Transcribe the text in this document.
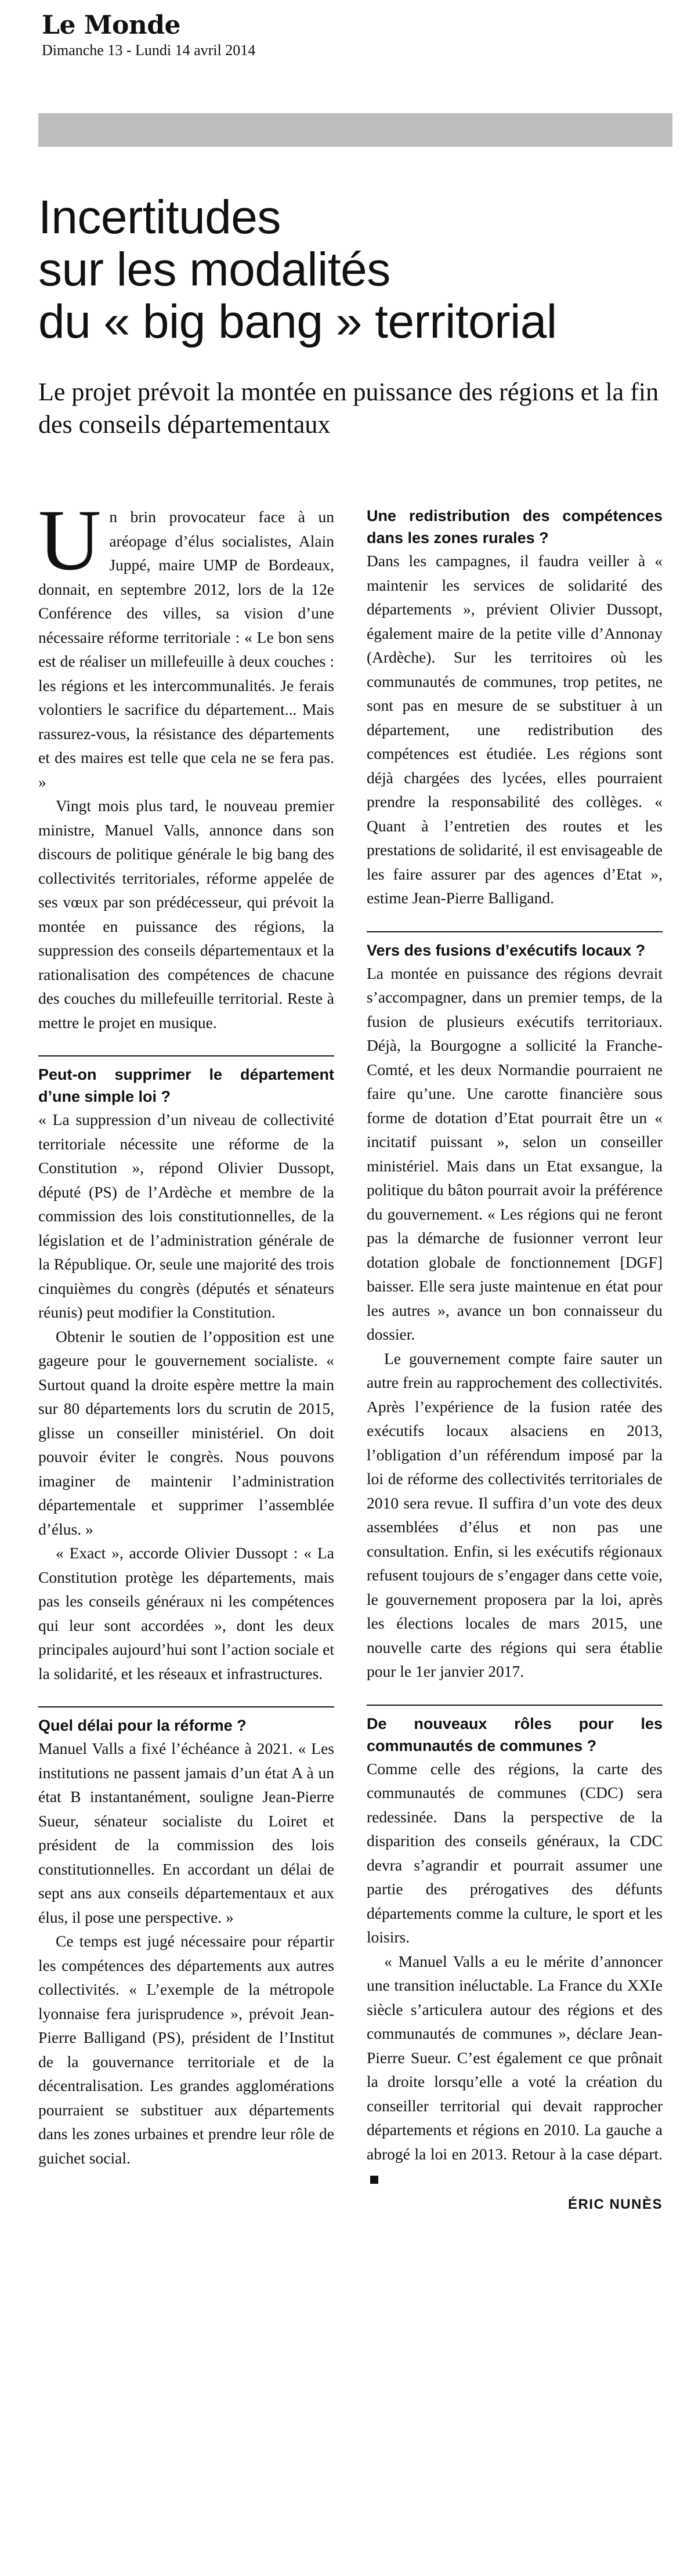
Le Monde
Dimanche 13 - Lundi 14 avril 2014
Incertitudes
sur les modalités
du « big bang » territorial
Le projet prévoit la montée en puissance des régions et la fin des conseils départementaux

Un brin provocateur face à un aréopage d’élus socialistes, Alain Juppé, maire UMP de Bordeaux, donnait, en septembre 2012, lors de la 12e Conférence des villes, sa vision d’une nécessaire réforme territoriale : « Le bon sens est de réaliser un millefeuille à deux couches : les régions et les intercommunalités. Je ferais volontiers le sacrifice du département... Mais rassurez-vous, la résistance des départements et des maires est telle que cela ne se fera pas. »

Vingt mois plus tard, le nouveau premier ministre, Manuel Valls, annonce dans son discours de politique générale le big bang des collectivités territoriales, réforme appelée de ses vœux par son prédécesseur, qui prévoit la montée en puissance des régions, la suppression des conseils départementaux et la rationalisation des compétences de chacune des couches du millefeuille territorial. Reste à mettre le projet en musique.

Peut-on supprimer le département d’une simple loi ?

« La suppression d’un niveau de collectivité territoriale nécessite une réforme de la Constitution », répond Olivier Dussopt, député (PS) de l’Ardèche et membre de la commission des lois constitutionnelles, de la législation et de l’administration générale de la République. Or, seule une majorité des trois cinquièmes du congrès (députés et sénateurs réunis) peut modifier la Constitution.

Obtenir le soutien de l’opposition est une gageure pour le gouvernement socialiste. « Surtout quand la droite espère mettre la main sur 80 départements lors du scrutin de 2015, glisse un conseiller ministériel. On doit pouvoir éviter le congrès. Nous pouvons imaginer de maintenir l’administration départementale et supprimer l’assemblée d’élus. »

« Exact », accorde Olivier Dussopt : « La Constitution protège les départements, mais pas les conseils généraux ni les compétences qui leur sont accordées », dont les deux principales aujourd’hui sont l’action sociale et la solidarité, et les réseaux et infrastructures.

Quel délai pour la réforme ?

Manuel Valls a fixé l’échéance à 2021. « Les institutions ne passent jamais d’un état A à un état B instantanément, souligne Jean-Pierre Sueur, sénateur socialiste du Loiret et président de la commission des lois constitutionnelles. En accordant un délai de sept ans aux conseils départementaux et aux élus, il pose une perspective. »

Ce temps est jugé nécessaire pour répartir les compétences des départements aux autres collectivités. « L’exemple de la métropole lyonnaise fera jurisprudence », prévoit Jean-Pierre Balligand (PS), président de l’Institut de la gouvernance territoriale et de la décentralisation. Les grandes agglomérations pourraient se substituer aux départements dans les zones urbaines et prendre leur rôle de guichet social.

Une redistribution des compétences dans les zones rurales ?

Dans les campagnes, il faudra veiller à « maintenir les services de solidarité des départements », prévient Olivier Dussopt, également maire de la petite ville d’Annonay (Ardèche). Sur les territoires où les communautés de communes, trop petites, ne sont pas en mesure de se substituer à un département, une redistribution des compétences est étudiée. Les régions sont déjà chargées des lycées, elles pourraient prendre la responsabilité des collèges. « Quant à l’entretien des routes et les prestations de solidarité, il est envisageable de les faire assurer par des agences d’Etat », estime Jean-Pierre Balligand.

Vers des fusions d’exécutifs locaux ?

La montée en puissance des régions devrait s’accompagner, dans un premier temps, de la fusion de plusieurs exécutifs territoriaux. Déjà, la Bourgogne a sollicité la Franche-Comté, et les deux Normandie pourraient ne faire qu’une. Une carotte financière sous forme de dotation d’Etat pourrait être un « incitatif puissant », selon un conseiller ministériel. Mais dans un Etat exsangue, la politique du bâton pourrait avoir la préférence du gouvernement. « Les régions qui ne feront pas la démarche de fusionner verront leur dotation globale de fonctionnement [DGF] baisser. Elle sera juste maintenue en état pour les autres », avance un bon connaisseur du dossier.

Le gouvernement compte faire sauter un autre frein au rapprochement des collectivités. Après l’expérience de la fusion ratée des exécutifs locaux alsaciens en 2013, l’obligation d’un référendum imposé par la loi de réforme des collectivités territoriales de 2010 sera revue. Il suffira d’un vote des deux assemblées d’élus et non pas une consultation. Enfin, si les exécutifs régionaux refusent toujours de s’engager dans cette voie, le gouvernement proposera par la loi, après les élections locales de mars 2015, une nouvelle carte des régions qui sera établie pour le 1er janvier 2017.

De nouveaux rôles pour les communautés de communes ?

Comme celle des régions, la carte des communautés de communes (CDC) sera redessinée. Dans la perspective de la disparition des conseils généraux, la CDC devra s’agrandir et pourrait assumer une partie des prérogatives des défunts départements comme la culture, le sport et les loisirs.

« Manuel Valls a eu le mérite d’annoncer une transition inéluctable. La France du XXIe siècle s’articulera autour des régions et des communautés de communes », déclare Jean-Pierre Sueur. C’est également ce que prônait la droite lorsqu’elle a voté la création du conseiller territorial qui devait rapprocher départements et régions en 2010. La gauche a abrogé la loi en 2013. Retour à la case départ.

ÉRIC NUNÈS
